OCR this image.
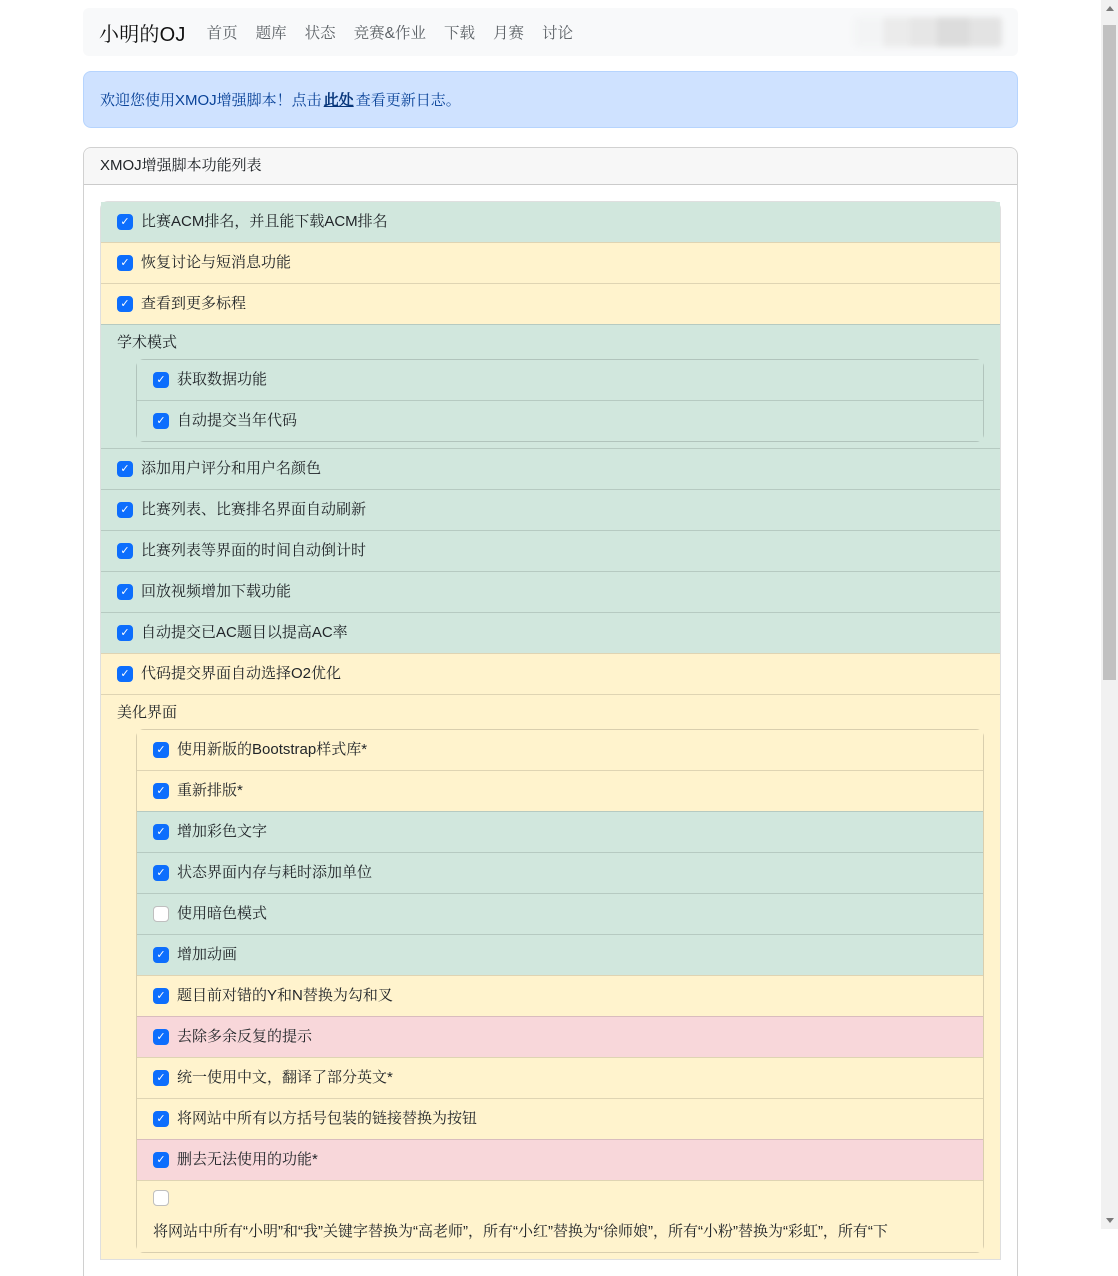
小明的OJ	首页	题库	状态	竞赛&作业	下载	月赛	讨论
欢迎您使用XMOJ增强脚本！点击 此处 查看更新日志。
XMOJ增强脚本功能列表
✓ 比赛ACM排名，并且能下载ACM排名
✓ 恢复讨论与短消息功能
✓ 查看到更多标程
学术模式
✓ 获取数据功能
✓ 自动提交当年代码
✓ 添加用户评分和用户名颜色
✓ 比赛列表、比赛排名界面自动刷新
✓ 比赛列表等界面的时间自动倒计时
✓ 回放视频增加下载功能
✓ 自动提交已AC题目以提高AC率
✓ 代码提交界面自动选择O2优化
美化界面
✓ 使用新版的Bootstrap样式库*
✓ 重新排版*
✓ 增加彩色文字
✓ 状态界面内存与耗时添加单位
使用暗色模式
✓ 增加动画
✓ 题目前对错的Y和N替换为勾和叉
✓ 去除多余反复的提示
✓ 统一使用中文，翻译了部分英文*
✓ 将网站中所有以方括号包装的链接替换为按钮
✓ 删去无法使用的功能*
将网站中所有“小明”和“我”关键字替换为“高老师”，所有“小红”替换为“徐师娘”，所有“小粉”替换为“彩虹”，所有“下
